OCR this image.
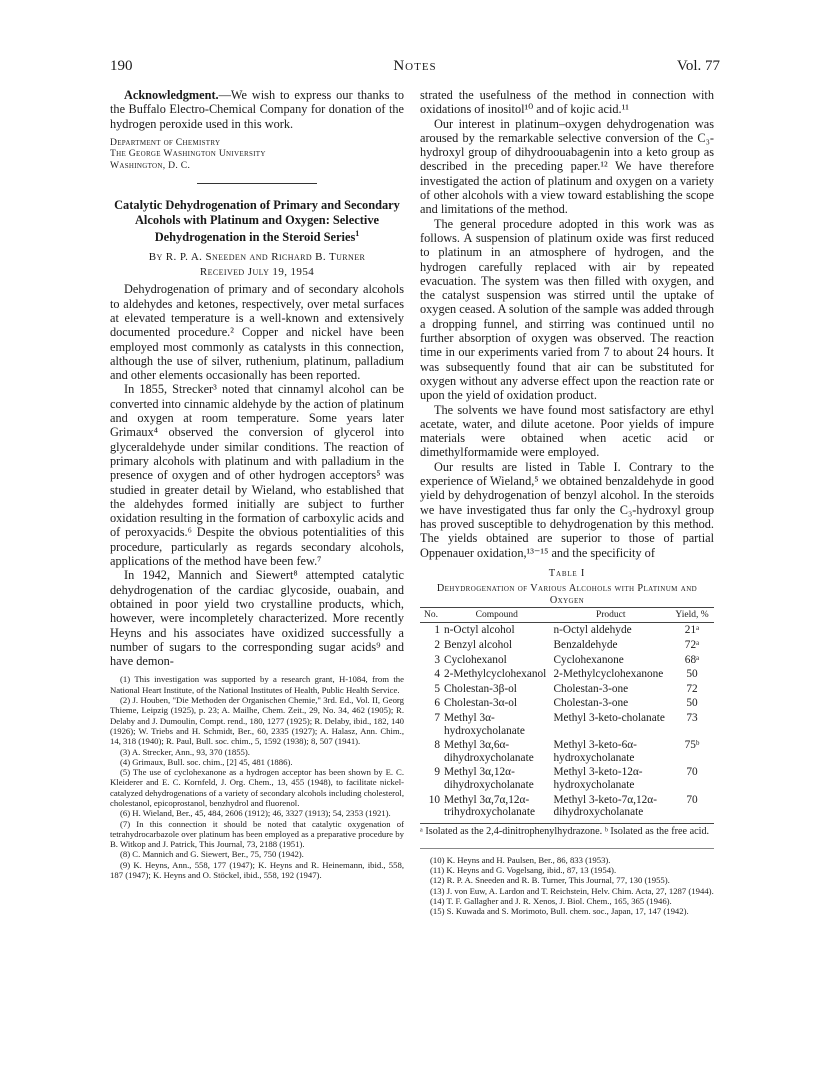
190	Notes	Vol. 77

Acknowledgment.—We wish to express our thanks to the Buffalo Electro-Chemical Company for donation of the hydrogen peroxide used in this work.

Department of Chemistry
The George Washington University
Washington, D. C.
Catalytic Dehydrogenation of Primary and Secondary Alcohols with Platinum and Oxygen: Selective Dehydrogenation in the Steroid Series$^1$
By R. P. A. Sneeden and Richard B. Turner
Received July 19, 1954

Dehydrogenation of primary and of secondary alcohols to aldehydes and ketones, respectively, over metal surfaces at elevated temperature is a well-known and extensively documented procedure.² Copper and nickel have been employed most commonly as catalysts in this connection, although the use of silver, ruthenium, platinum, palladium and other elements occasionally has been reported.

In 1855, Strecker³ noted that cinnamyl alcohol can be converted into cinnamic aldehyde by the action of platinum and oxygen at room temperature. Some years later Grimaux⁴ observed the conversion of glycerol into glyceraldehyde under similar conditions. The reaction of primary alcohols with platinum and with palladium in the presence of oxygen and of other hydrogen acceptors⁵ was studied in greater detail by Wieland, who established that the aldehydes formed initially are subject to further oxidation resulting in the formation of carboxylic acids and of peroxyacids.⁶ Despite the obvious potentialities of this procedure, particularly as regards secondary alcohols, applications of the method have been few.⁷

In 1942, Mannich and Siewert⁸ attempted catalytic dehydrogenation of the cardiac glycoside, ouabain, and obtained in poor yield two crystalline products, which, however, were incompletely characterized. More recently Heyns and his associates have oxidized successfully a number of sugars to the corresponding sugar acids⁹ and have demon-

(1) This investigation was supported by a research grant, H-1084, from the National Heart Institute, of the National Institutes of Health, Public Health Service.
(2) J. Houben, "Die Methoden der Organischen Chemie," 3rd. Ed., Vol. II, Georg Thieme, Leipzig (1925), p. 23; A. Mailhe, Chem. Zeit., 29, No. 34, 462 (1905); R. Delaby and J. Dumoulin, Compt. rend., 180, 1277 (1925); R. Delaby, ibid., 182, 140 (1926); W. Triebs and H. Schmidt, Ber., 60, 2335 (1927); A. Halasz, Ann. Chim., 14, 318 (1940); R. Paul, Bull. soc. chim., 5, 1592 (1938); 8, 507 (1941).
(3) A. Strecker, Ann., 93, 370 (1855).
(4) Grimaux, Bull. soc. chim., [2] 45, 481 (1886).
(5) The use of cyclohexanone as a hydrogen acceptor has been shown by E. C. Kleiderer and E. C. Kornfeld, J. Org. Chem., 13, 455 (1948), to facilitate nickel-catalyzed dehydrogenations of a variety of secondary alcohols including cholesterol, cholestanol, epicoprostanol, benzhydrol and fluorenol.
(6) H. Wieland, Ber., 45, 484, 2606 (1912); 46, 3327 (1913); 54, 2353 (1921).
(7) In this connection it should be noted that catalytic oxygenation of tetrahydrocarbazole over platinum has been employed as a preparative procedure by B. Witkop and J. Patrick, This Journal, 73, 2188 (1951).
(8) C. Mannich and G. Siewert, Ber., 75, 750 (1942).
(9) K. Heyns, Ann., 558, 177 (1947); K. Heyns and R. Heinemann, ibid., 558, 187 (1947); K. Heyns and O. Stöckel, ibid., 558, 192 (1947).

strated the usefulness of the method in connection with oxidations of inositol¹⁰ and of kojic acid.¹¹

Our interest in platinum–oxygen dehydrogenation was aroused by the remarkable selective conversion of the C₃-hydroxyl group of dihydroouabagenin into a keto group as described in the preceding paper.¹² We have therefore investigated the action of platinum and oxygen on a variety of other alcohols with a view toward establishing the scope and limitations of the method.

The general procedure adopted in this work was as follows. A suspension of platinum oxide was first reduced to platinum in an atmosphere of hydrogen, and the hydrogen carefully replaced with air by repeated evacuation. The system was then filled with oxygen, and the catalyst suspension was stirred until the uptake of oxygen ceased. A solution of the sample was added through a dropping funnel, and stirring was continued until no further absorption of oxygen was observed. The reaction time in our experiments varied from 7 to about 24 hours. It was subsequently found that air can be substituted for oxygen without any adverse effect upon the reaction rate or upon the yield of oxidation product.

The solvents we have found most satisfactory are ethyl acetate, water, and dilute acetone. Poor yields of impure materials were obtained when acetic acid or dimethylformamide were employed.

Our results are listed in Table I. Contrary to the experience of Wieland,⁵ we obtained benzaldehyde in good yield by dehydrogenation of benzyl alcohol. In the steroids we have investigated thus far only the C₃-hydroxyl group has proved susceptible to dehydrogenation by this method. The yields obtained are superior to those of partial Oppenauer oxidation,¹³⁻¹⁵ and the specificity of

Table I
Dehydrogenation of Various Alcohols with Platinum and Oxygen
No.	Compound	Product	Yield, %
1	n-Octyl alcohol	n-Octyl aldehyde	21ᵃ
2	Benzyl alcohol	Benzaldehyde	72ᵃ
3	Cyclohexanol	Cyclohexanone	68ᵃ
4	2-Methylcyclohexanol	2-Methylcyclohexanone	50
5	Cholestan-3β-ol	Cholestan-3-one	72
6	Cholestan-3α-ol	Cholestan-3-one	50
7	Methyl 3α-hydroxycholanate	Methyl 3-keto-cholanate	73
8	Methyl 3α,6α-dihydroxycholanate	Methyl 3-keto-6α-hydroxycholanate	75ᵇ
9	Methyl 3α,12α-dihydroxycholanate	Methyl 3-keto-12α-hydroxycholanate	70
10	Methyl 3α,7α,12α-trihydroxycholanate	Methyl 3-keto-7α,12α-dihydroxycholanate	70
ᵃ Isolated as the 2,4-dinitrophenylhydrazone. ᵇ Isolated as the free acid.
(10) K. Heyns and H. Paulsen, Ber., 86, 833 (1953).
(11) K. Heyns and G. Vogelsang, ibid., 87, 13 (1954).
(12) R. P. A. Sneeden and R. B. Turner, This Journal, 77, 130 (1955).
(13) J. von Euw, A. Lardon and T. Reichstein, Helv. Chim. Acta, 27, 1287 (1944).
(14) T. F. Gallagher and J. R. Xenos, J. Biol. Chem., 165, 365 (1946).
(15) S. Kuwada and S. Morimoto, Bull. chem. soc., Japan, 17, 147 (1942).
